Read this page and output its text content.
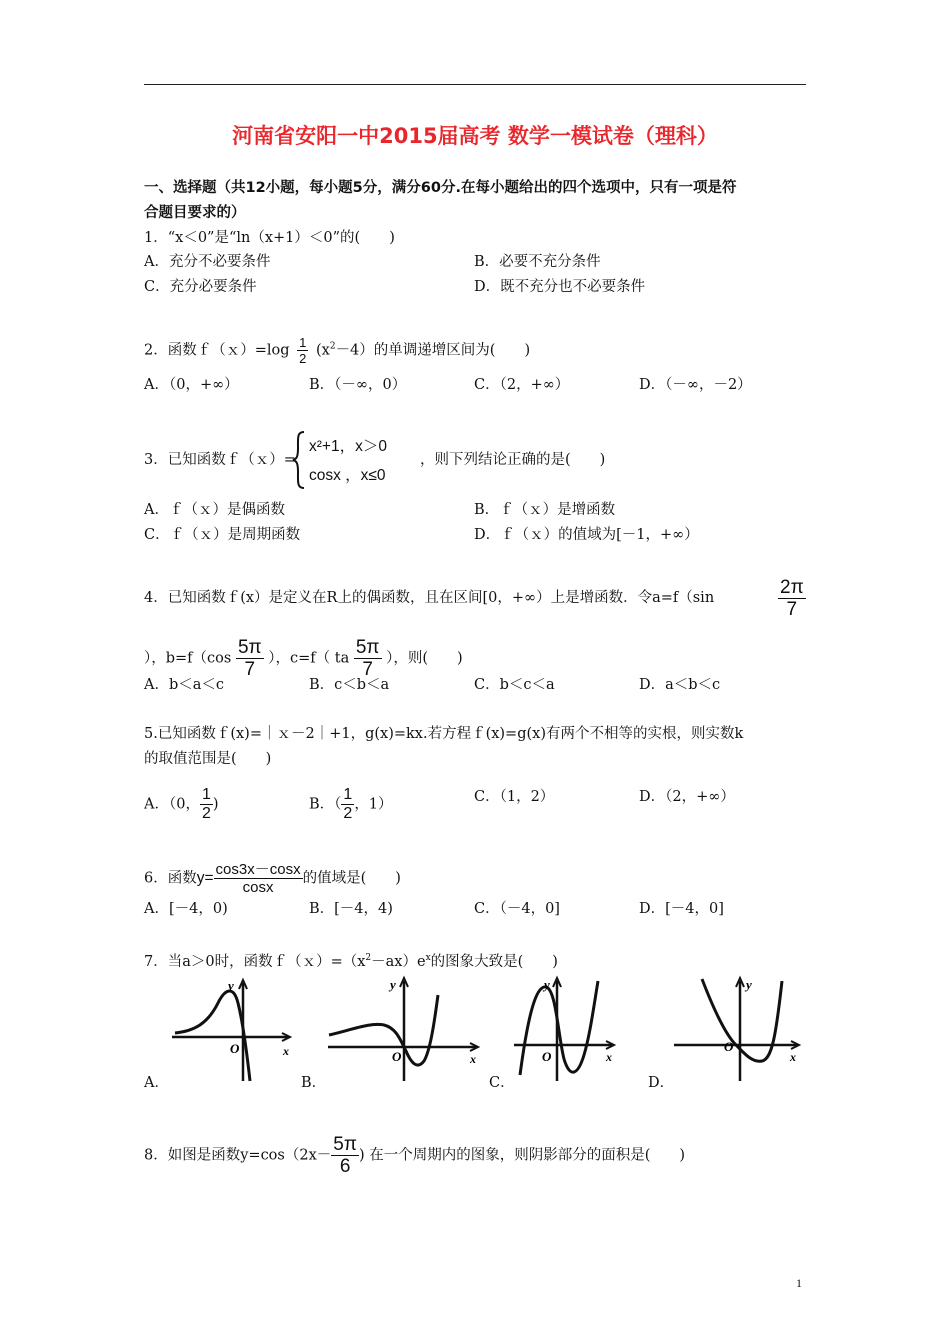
河南省安阳一中2015届高考 数学一模试卷（理科）
一、选择题（共12小题，每小题5分，满分60分.在每小题给出的四个选项中，只有一项是符
合题目要求的）
1．“x＜0”是“ln（x+1）＜0”的(　　)
A．充分不必要条件	B．必要不充分条件
C．充分必要条件	D．既不充分也不必要条件
2．函数ｆ（ｘ）=log $\frac{1}{2} (x^2-4)$的单调递增区间为(　　)
A．（0，+∞）	B．（－∞，0）	C．（2，+∞）	D．（－∞，－2）
3．已知函数ｆ（ｘ）=
x²+1，x＞0
cosx ，x≤0
，则下列结论正确的是(　　)
A．ｆ（ｘ）是偶函数	B．ｆ（ｘ）是增函数
C．ｆ（ｘ）是周期函数	D．ｆ（ｘ）的值域为[－1，+∞）
4．已知函数ｆ(x）是定义在R上的偶函数，且在区间[0，+∞）上是增函数．令a=f（sin	$\frac{2\pi}{7}$
），$b=f(\cos \frac{5\pi}{7}$ ），c=f（ ta $\frac{5\pi}{7}$ ），则(　　)
A．b＜a＜c	B．c＜b＜a	C．b＜c＜a	D．a＜b＜c
5.已知函数ｆ(x)=｜ｘ－2｜+1，g(x)=kx.若方程ｆ(x)=g(x)有两个不相等的实根，则实数k
的取值范围是(　　)
A．（0， $\frac{1}{2}$ )	B．（ $\frac{1}{2}$ ，1）	C．（1，2）	D．（2，+∞）
6．函数$y= \frac{\cos 3x-\cos x}{\cos x}$ 的值域是(　　)
A．[－4，0)	B．[－4，4)	C．（－4，0]	D．[－4，0]
7．当a＞0时，函数$f(x)=(x^2-ax)e^x$的图象大致是(　　)
y
x
O
y
x
O
y
x
O
y
x
O
A．	B．	C．	D．
8．如图是函数$y=\cos(2x- \frac{5\pi}{6}$ ) 在一个周期内的图象，则阴影部分的面积是(　　)
1
